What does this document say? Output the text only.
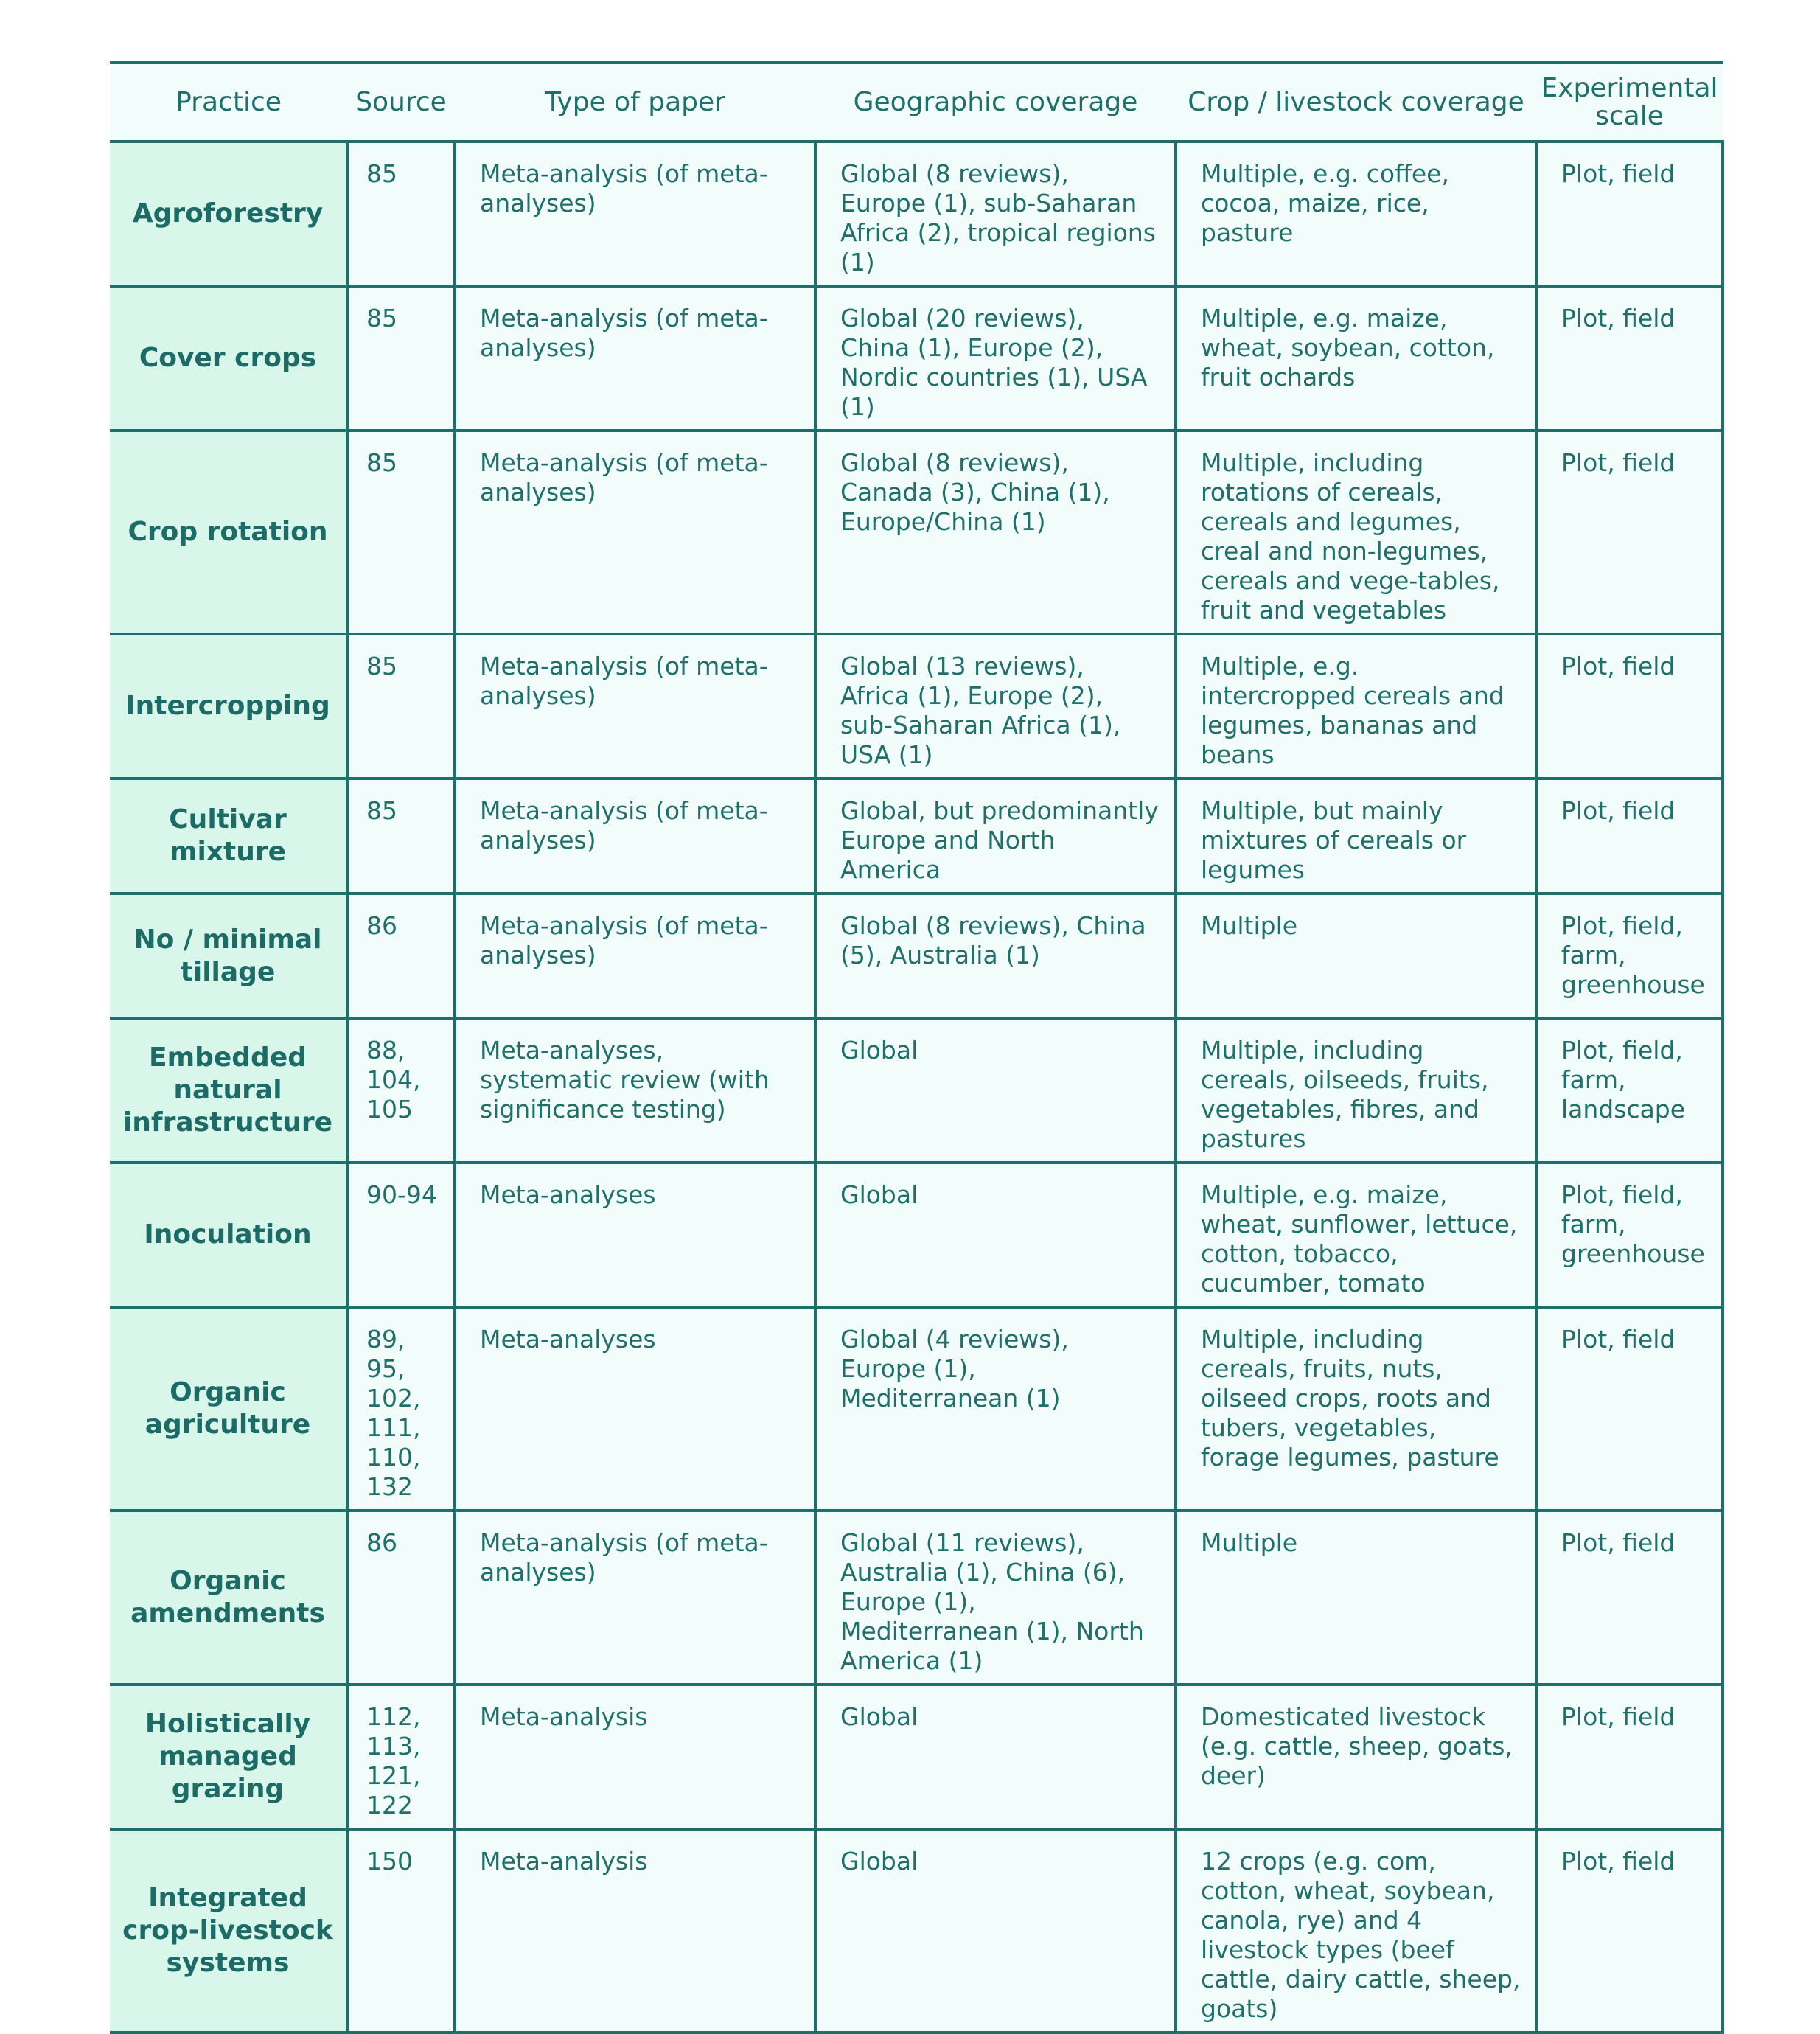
Practice	Source	Type of paper	Geographic coverage	Crop / livestock coverage	Experimental scale
Agroforestry	85	Meta-analysis (of meta-analyses)	Global (8 reviews), Europe (1), sub-Saharan Africa (2), tropical regions (1)	Multiple, e.g. coffee, cocoa, maize, rice, pasture	Plot, field
Cover crops	85	Meta-analysis (of meta-analyses)	Global (20 reviews), China (1), Europe (2), Nordic countries (1), USA (1)	Multiple, e.g. maize, wheat, soybean, cotton, fruit ochards	Plot, field
Crop rotation	85	Meta-analysis (of meta-analyses)	Global (8 reviews), Canada (3), China (1), Europe/China (1)	Multiple, including rotations of cereals, cereals and legumes, creal and non-legumes, cereals and vege-tables, fruit and vegetables	Plot, field
Intercropping	85	Meta-analysis (of meta-analyses)	Global (13 reviews), Africa (1), Europe (2), sub-Saharan Africa (1), USA (1)	Multiple, e.g. intercropped cereals and legumes, bananas and beans	Plot, field
Cultivar mixture	85	Meta-analysis (of meta-analyses)	Global, but predominantly Europe and North America	Multiple, but mainly mixtures of cereals or legumes	Plot, field
No / minimal tillage	86	Meta-analysis (of meta-analyses)	Global (8 reviews), China (5), Australia (1)	Multiple	Plot, field, farm, greenhouse
Embedded natural infrastructure	88, 104, 105	Meta-analyses, systematic review (with significance testing)	Global	Multiple, including cereals, oilseeds, fruits, vegetables, fibres, and pastures	Plot, field, farm, landscape
Inoculation	90-94	Meta-analyses	Global	Multiple, e.g. maize, wheat, sunflower, lettuce, cotton, tobacco, cucumber, tomato	Plot, field, farm, greenhouse
Organic agriculture	89, 95, 102, 111, 110, 132	Meta-analyses	Global (4 reviews), Europe (1), Mediterranean (1)	Multiple, including cereals, fruits, nuts, oilseed crops, roots and tubers, vegetables, forage legumes, pasture	Plot, field
Organic amendments	86	Meta-analysis (of meta-analyses)	Global (11 reviews), Australia (1), China (6), Europe (1), Mediterranean (1), North America (1)	Multiple	Plot, field
Holistically managed grazing	112, 113, 121, 122	Meta-analysis	Global	Domesticated livestock (e.g. cattle, sheep, goats, deer)	Plot, field
Integrated crop-livestock systems	150	Meta-analysis	Global	12 crops (e.g. com, cotton, wheat, soybean, canola, rye) and 4 livestock types (beef cattle, dairy cattle, sheep, goats)	Plot, field
